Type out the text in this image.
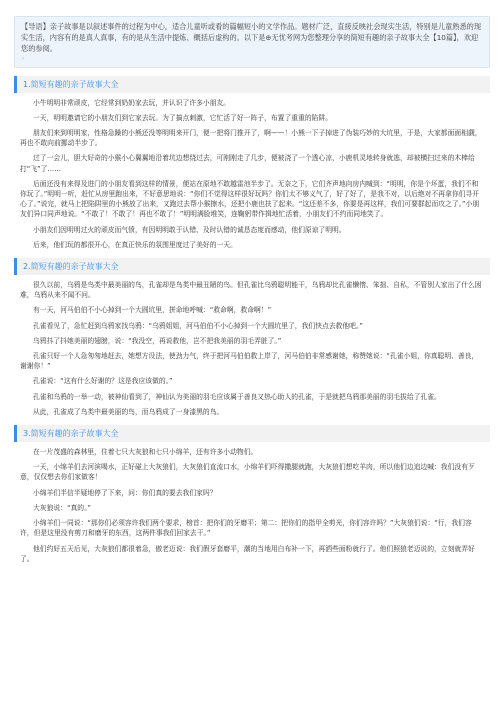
【导语】亲子故事是以叙述事件的过程为中心，适合儿童听或看的篇幅短小的文学作品。题材广泛，直接反映社会现实生活，特别是儿童熟悉的现实生活，内容有的是真人真事，有的是从生活中提炼、概括后虚构的。以下是⊕无忧考网为您整理分享的简短有趣的亲子故事大全【10篇】，欢迎您的参阅。
◦
1.简短有趣的亲子故事大全

小牛明明非常顽皮，它经常到奶奶家去玩，并认识了许多小朋友。

一天，明明邀请它的小朋友们到它家去玩。为了搞点刺激，它忙活了好一阵子，布置了重重的陷阱。

朋友们来到明明家，性格急躁的小熊还没等明明来开门，便一把将门推开了，啊——！小熊一下子掉进了伪装巧妙的大坑里，于是，大家都面面相觑，再也不敢向前挪动半步了。

过了一会儿，胆大好奇的小猴小心翼翼地沿着坑边想绕过去，可刚刚走了几步，便被浇了一个透心凉，小鹿机灵地转身就逃，却被横扫过来的木棒给打“飞”了……

后面还没有来得及进门的小朋友看到这样的情景，便站在原地不敢越雷池半步了。无奈之下，它们齐声地向房内喊到：“明明，你是个坏蛋，我们不和你玩了。”明明一听，赶忙从房里跑出来，不好意思地说：“你们不觉得这样很好玩吗？你们太不够义气了，好了好了，是我不对，以后绝对不再拿你们寻开心了。”说完，就马上把陷阱里的小熊放了出来，又跑过去帮小猴擦水，还把小鹿也扶了起来。“这还差不多，你要是再这样，我们可要群起而攻之了。”小朋友们异口同声地说。“不敢了！不敢了！再也不敢了！”明明满脸堆笑，连鞠躬带作揖地忙活着，小朋友们不约而同地笑了。

小朋友们因明明过火的顽皮而气愤，有因明明敢于认错、及时认错的诚恳态度而感动，他们原谅了明明。

后来，他们玩的都很开心，在真正快乐的氛围里度过了美好的一天。

2.简短有趣的亲子故事大全

很久以前，乌鸦是鸟类中最美丽的鸟，孔雀却是鸟类中最丑陋的鸟。但孔雀比乌鸦聪明能干，乌鸦却比孔雀懒惰、笨拙、自私，不管别人家出了什么困难，乌鸦从来不闻不问。

有一天，河马伯伯不小心掉到一个大圆坑里，拼命地呼喊：“救命啊，救命啊！”

孔雀看见了，急忙赶到乌鸦家找乌鸦：“乌鸦姐姐，河马伯伯不小心掉到一个大圆坑里了，我们快点去救他吧。”

乌鸦抖了抖她美丽的翅膀，说：“我没空，再说救他，岂不把我美丽的羽毛弄脏了。”

孔雀只好一个人急匆匆地赶去，她想方设法，使劲力气，终于把河马伯伯救上岸了，河马伯伯非常感谢她，称赞她说：“孔雀小姐，你真聪明、善良，谢谢你！”

孔雀说：“这有什么好谢的？这是我应该做的。”

孔雀和乌鸦的一举一动，被神仙看到了，神仙认为美丽的羽毛应该属于善良又热心助人的孔雀，于是就把乌鸦那美丽的羽毛拔给了孔雀。

从此，孔雀成了鸟类中最美丽的鸟，而乌鸦成了一身漆黑的鸟。

3.简短有趣的亲子故事大全

在一片茂盛的森林里，住着七只大灰狼和七只小绵羊，还有许多小动物们。

一天，小绵羊们去河滨喝水，正好碰上大灰狼们，大灰狼们直流口水，小绵羊们吓得撒腿就跑，大灰狼们想吃羊肉，所以他们边追边喊：我们没有歹意，仅仅想去你们家做客！

小绵羊们半信半疑地停了下来，问：你们真的要去我们家吗？

大灰狼说：“真的。”

小绵羊们一同说：“那你们必须容许我们两个要求，榜首：把你们的牙磨平；第二：把你们的指甲全剪光，你们容许吗？”大灰狼们说：“行，我们容许，但是这里没有剪刀和磨牙的东西，这两件事我们回家去干。”

他们约好五天后见，大灰狼们都很着急，傲老迈说：我们假牙套磨平，潮的当地用白布补一下，再洒些面粉就行了。他们照狼老迈说的，立刻就弄好了。
